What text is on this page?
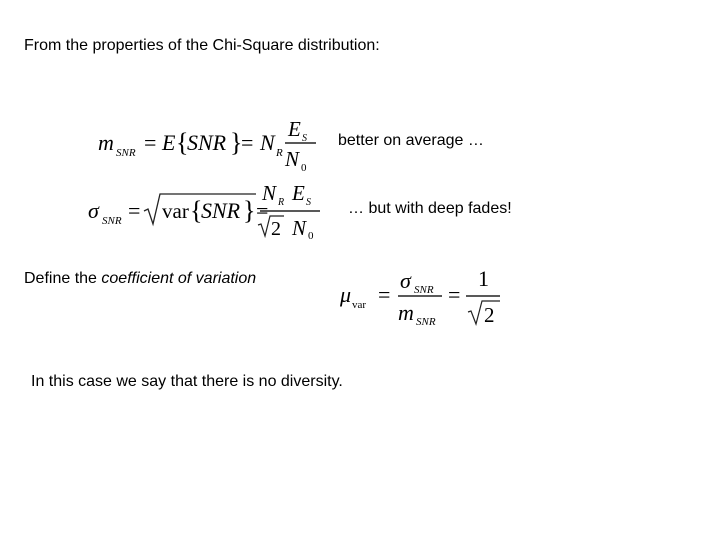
From the properties of the Chi-Square distribution:
m SNR = E {
SNR }
= N R
E S
N 0
better on average …
σ SNR = var {
SNR } =
N R E S
2 N 0
… but with deep fades!
Define the coefficient of variation
μ var =
σ SNR
m SNR
=
1
2
In this case we say that there is no diversity.
